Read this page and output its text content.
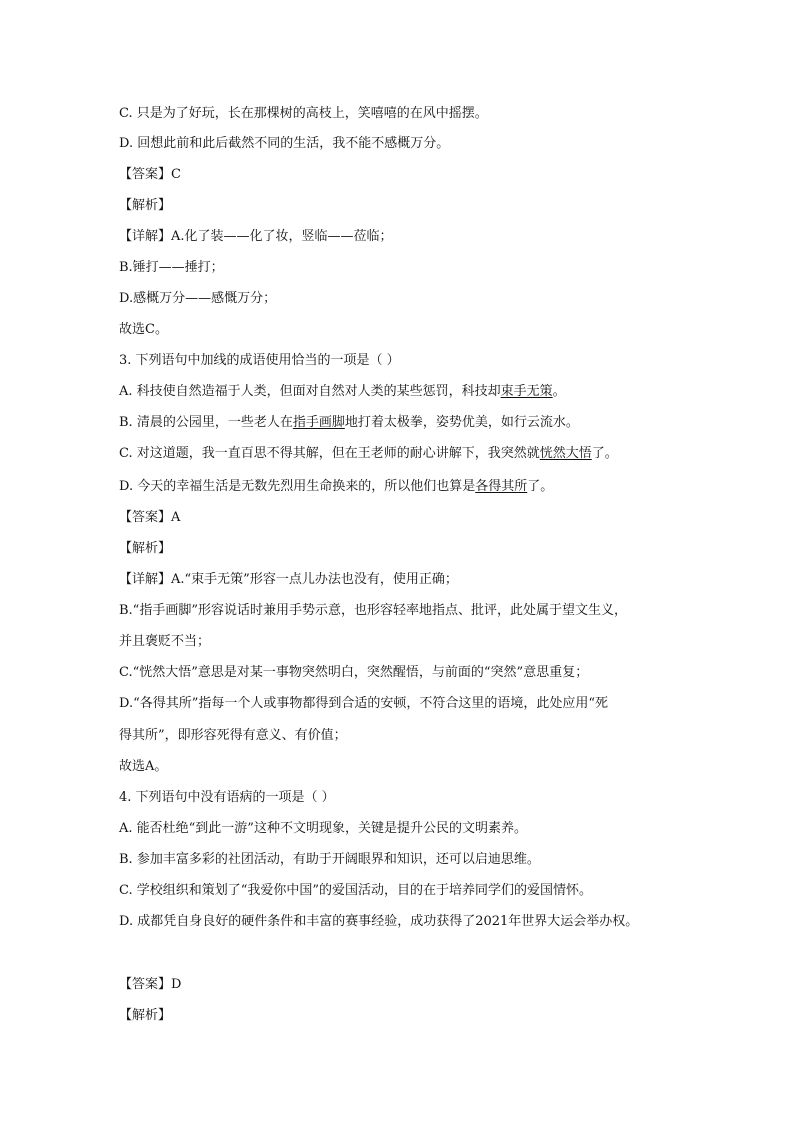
C. 只是为了好玩，长在那棵树的高枝上，笑嘻嘻的在风中摇摆。
D. 回想此前和此后截然不同的生活，我不能不感概万分。
【答案】C
【解析】
【详解】A.化了装——化了妆，竖临——莅临；
B.锤打——捶打；
D.感概万分——感慨万分；
故选C。
3. 下列语句中加线的成语使用恰当的一项是（ ）
A. 科技使自然造福于人类，但面对自然对人类的某些惩罚，科技却束手无策。
B. 清晨的公园里，一些老人在指手画脚地打着太极拳，姿势优美，如行云流水。
C. 对这道题，我一直百思不得其解，但在王老师的耐心讲解下，我突然就恍然大悟了。
D. 今天的幸福生活是无数先烈用生命换来的，所以他们也算是各得其所了。
【答案】A
【解析】
【详解】A.“束手无策”形容一点儿办法也没有，使用正确；
B.“指手画脚”形容说话时兼用手势示意，也形容轻率地指点、批评，此处属于望文生义，
并且褒贬不当；
C.“恍然大悟”意思是对某一事物突然明白，突然醒悟，与前面的“突然”意思重复；
D.“各得其所”指每一个人或事物都得到合适的安顿，不符合这里的语境，此处应用“死
得其所”，即形容死得有意义、有价值；
故选A。
4. 下列语句中没有语病的一项是（ ）
A. 能否杜绝“到此一游”这种不文明现象，关键是提升公民的文明素养。
B. 参加丰富多彩的社团活动，有助于开阔眼界和知识，还可以启迪思维。
C. 学校组织和策划了“我爱你中国”的爱国活动，目的在于培养同学们的爱国情怀。
D. 成都凭自身良好的硬件条件和丰富的赛事经验，成功获得了2021年世界大运会举办权。
【答案】D
【解析】
